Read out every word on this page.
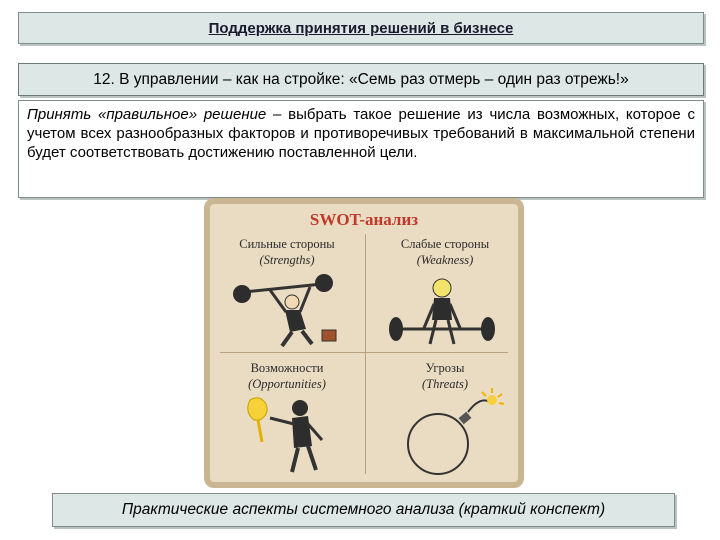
Поддержка принятия решений в бизнесе
12. В управлении – как на стройке: «Семь раз отмерь – один раз отрежь!»
Принять «правильное» решение – выбрать такое решение из числа возможных, которое с учетом всех разнообразных факторов и противоречивых требований в максимальной степени будет соответствовать достижению поставленной цели.
SWOT-анализ
Сильные стороны
(Strengths)
Слабые стороны
(Weakness)
Возможности
(Opportunities)
Угрозы
(Threats)
Практические аспекты системного анализа (краткий конспект)
